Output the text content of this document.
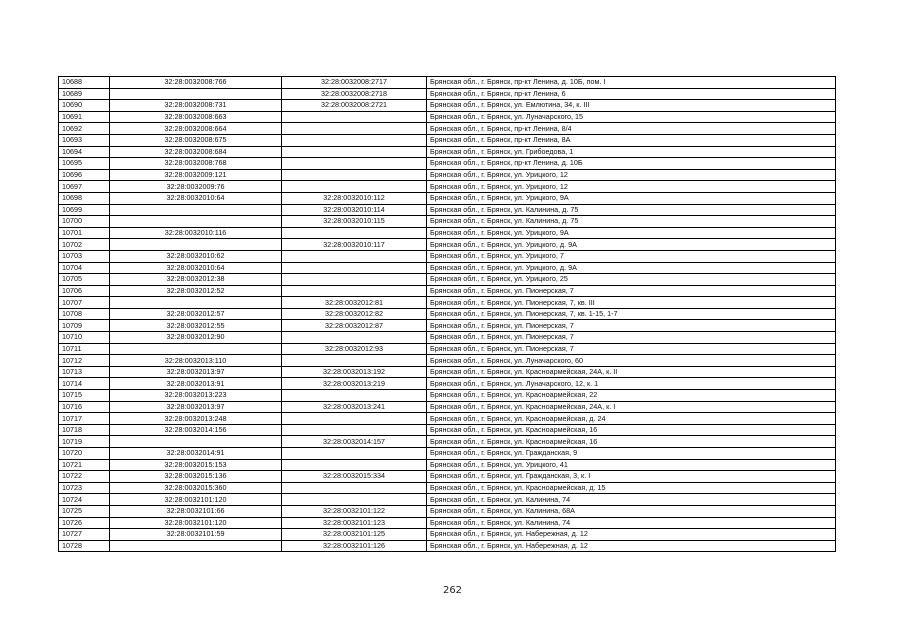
10688	32:28:0032008:766	32:28:0032008:2717	Брянская обл., г. Брянск, пр-кт Ленина, д. 10Б, пом. I
10689		32:28:0032008:2718	Брянская обл., г. Брянск, пр-кт Ленина, 6
10690	32:28:0032008:731	32:28:0032008:2721	Брянская обл., г. Брянск, ул. Емлютина, 34, к. III
10691	32:28:0032008:663		Брянская обл., г. Брянск, ул. Луначарского, 15
10692	32:28:0032008:664		Брянская обл., г. Брянск, пр-кт Ленина, 8/4
10693	32:28:0032008:675		Брянская обл., г. Брянск, пр-кт Ленина, 8А
10694	32:28:0032008:684		Брянская обл., г. Брянск, ул. Грибоедова, 1
10695	32:28:0032008:768		Брянская обл., г. Брянск, пр-кт Ленина, д. 10Б
10696	32:28:0032009:121		Брянская обл., г. Брянск, ул. Урицкого, 12
10697	32:28:0032009:76		Брянская обл., г. Брянск, ул. Урицкого, 12
10698	32:28:0032010:64	32:28:0032010:112	Брянская обл., г. Брянск, ул. Урицкого, 9А
10699		32:28:0032010:114	Брянская обл., г. Брянск, ул. Калинина, д. 75
10700		32:28:0032010:115	Брянская обл., г. Брянск, ул. Калинина, д. 75
10701	32:28:0032010:116		Брянская обл., г. Брянск, ул. Урицкого, 9А
10702		32:28:0032010:117	Брянская обл., г. Брянск, ул. Урицкого, д. 9А
10703	32:28:0032010:62		Брянская обл., г. Брянск, ул. Урицкого, 7
10704	32:28:0032010:64		Брянская обл., г. Брянск, ул. Урицкого, д. 9А
10705	32:28:0032012:38		Брянская обл., г. Брянск, ул. Урицкого, 25
10706	32:28:0032012:52		Брянская обл., г. Брянск, ул. Пионерская, 7
10707		32:28:0032012:81	Брянская обл., г. Брянск, ул. Пионерская, 7, кв. III
10708	32:28:0032012:57	32:28:0032012:82	Брянская обл., г. Брянск, ул. Пионерская, 7, кв. 1-15, 1-7
10709	32:28:0032012:55	32:28:0032012:87	Брянская обл., г. Брянск, ул. Пионерская, 7
10710	32:28:0032012:90		Брянская обл., г. Брянск, ул. Пионерская, 7
10711		32:28:0032012:93	Брянская обл., г. Брянск, ул. Пионерская, 7
10712	32:28:0032013:110		Брянская обл., г. Брянск, ул. Луначарского, 60
10713	32:28:0032013:97	32:28:0032013:192	Брянская обл., г. Брянск, ул. Красноармейская, 24А, к. II
10714	32:28:0032013:91	32:28:0032013:219	Брянская обл., г. Брянск, ул. Луначарского, 12, к. 1
10715	32:28:0032013:223		Брянская обл., г. Брянск, ул. Красноармейская, 22
10716	32:28:0032013:97	32:28:0032013:241	Брянская обл., г. Брянск, ул. Красноармейская, 24А, к. I
10717	32:28:0032013:248		Брянская обл., г. Брянск, ул. Красноармейская, д. 24
10718	32:28:0032014:156		Брянская обл., г. Брянск, ул. Красноармейская, 16
10719		32:28:0032014:157	Брянская обл., г. Брянск, ул. Красноармейская, 16
10720	32:28:0032014:91		Брянская обл., г. Брянск, ул. Гражданская, 9
10721	32:28:0032015:153		Брянская обл., г. Брянск, ул. Урицкого, 41
10722	32:28:0032015:136	32:28:0032015:334	Брянская обл., г. Брянск, ул. Гражданская, 3, к. I
10723	32:28:0032015:360		Брянская обл., г. Брянск, ул. Красноармейская, д. 15
10724	32:28:0032101:120		Брянская обл., г. Брянск, ул. Калинина, 74
10725	32:28:0032101:66	32:28:0032101:122	Брянская обл., г. Брянск, ул. Калинина, 68А
10726	32:28:0032101:120	32:28:0032101:123	Брянская обл., г. Брянск, ул. Калинина, 74
10727	32:28:0032101:59	32:28:0032101:125	Брянская обл., г. Брянск, ул. Набережная, д. 12
10728		32:28:0032101:126	Брянская обл., г. Брянск, ул. Набережная, д. 12
262
